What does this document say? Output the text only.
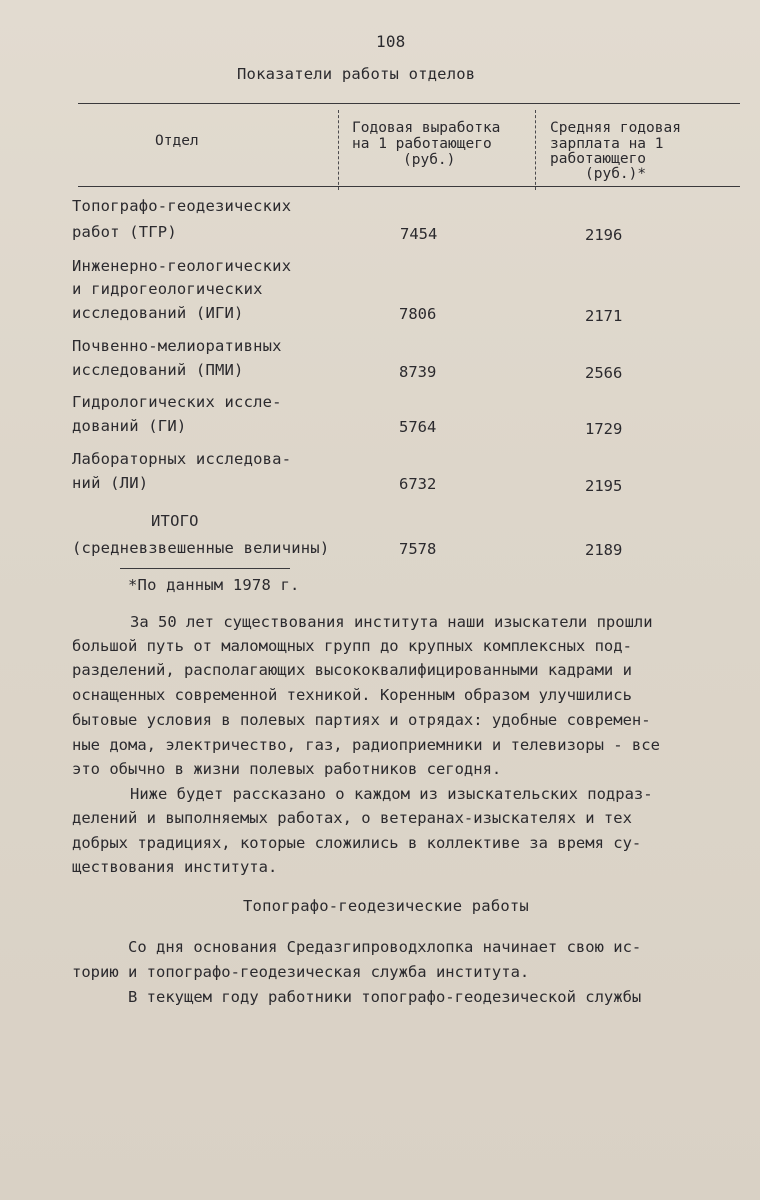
108
Показатели работы отделов
Отдел
Годовая выработка
на 1 работающего
(руб.)
Средняя годовая
зарплата на 1
работающего
(руб.)*
Топографо-геодезических
работ (ТГР)	7454	2196
Инженерно-геологических
и гидрогеологических
исследований (ИГИ)	7806	2171
Почвенно-мелиоративных
исследований (ПМИ)	8739	2566
Гидрологических иссле-
дований (ГИ)	5764	1729
Лабораторных исследова-
ний (ЛИ)	6732	2195
ИТОГО
(средневзвешенные величины)	7578	2189
*По данным 1978 г.
За 50 лет существования института наши изыскатели прошли
большой путь от маломощных групп до крупных комплексных под-
разделений, располагающих высококвалифицированными кадрами и
оснащенных современной техникой. Коренным образом улучшились
бытовые условия в полевых партиях и отрядах: удобные современ-
ные дома, электричество, газ, радиоприемники и телевизоры - все
это обычно в жизни полевых работников сегодня.
Ниже будет рассказано о каждом из изыскательских подраз-
делений и выполняемых работах, о ветеранах-изыскателях и тех
добрых традициях, которые сложились в коллективе за время су-
ществования института.
Топографо-геодезические работы
Со дня основания Средазгипроводхлопка начинает свою ис-
торию и топографо-геодезическая служба института.
В текущем году работники топографо-геодезической службы
